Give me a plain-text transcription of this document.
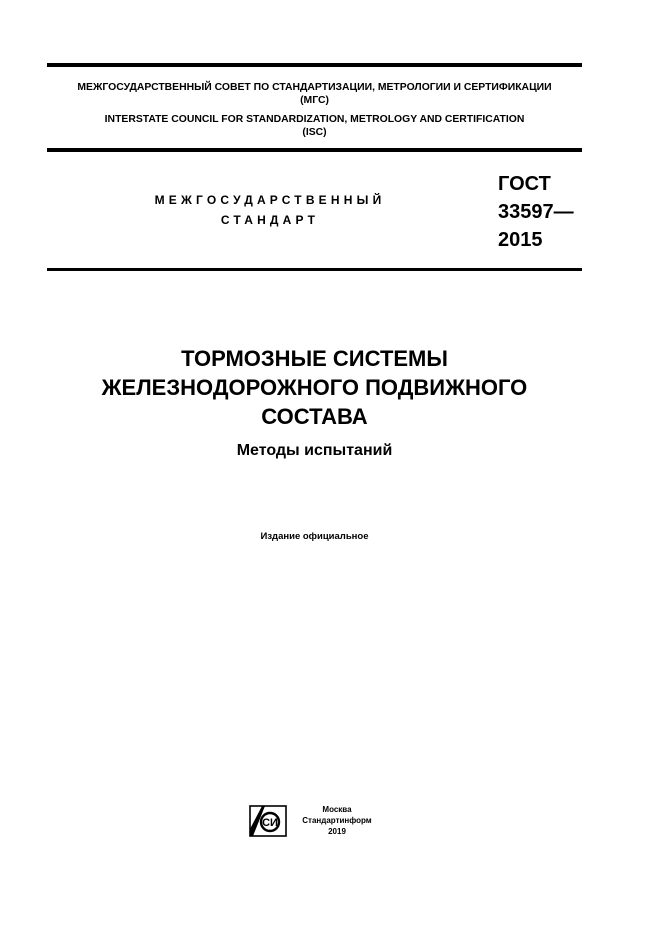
МЕЖГОСУДАРСТВЕННЫЙ СОВЕТ ПО СТАНДАРТИЗАЦИИ, МЕТРОЛОГИИ И СЕРТИФИКАЦИИ
(МГС)
INTERSTATE COUNCIL FOR STANDARDIZATION, METROLOGY AND CERTIFICATION
(ISC)
МЕЖГОСУДАРСТВЕННЫЙ
СТАНДАРТ
ГОСТ
33597—
2015
ТОРМОЗНЫЕ СИСТЕМЫ
ЖЕЛЕЗНОДОРОЖНОГО ПОДВИЖНОГО
СОСТАВА
Методы испытаний
Издание официальное
СИ
Москва
Стандартинформ
2019
